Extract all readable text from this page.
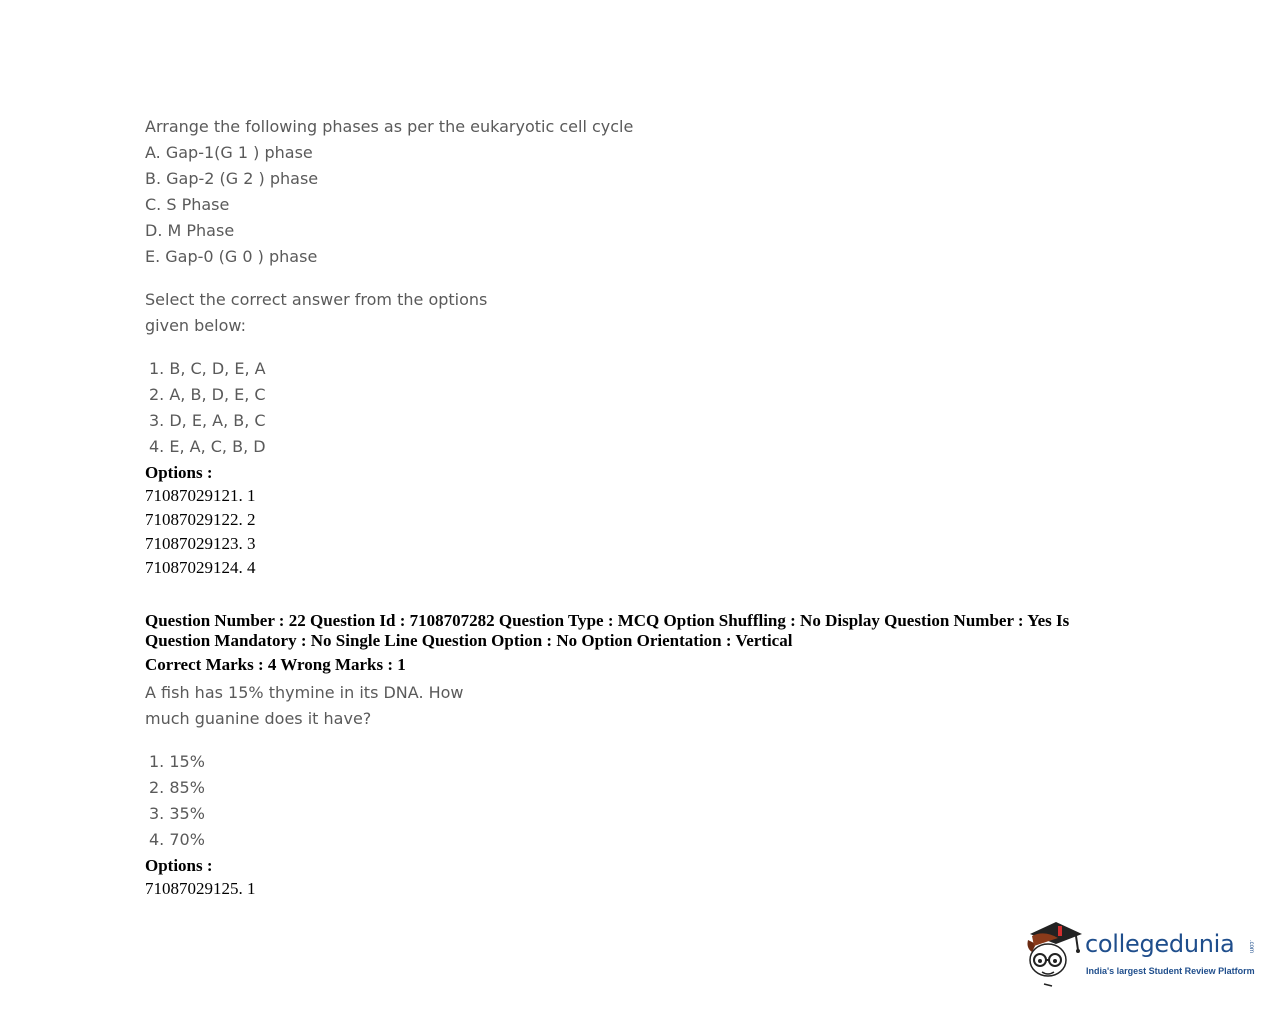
Arrange the following phases as per the eukaryotic cell cycle
A. Gap-1(G 1 ) phase
B. Gap-2 (G 2 ) phase
C. S Phase
D. M Phase
E. Gap-0 (G 0 ) phase
Select the correct answer from the options
given below:
1. B, C, D, E, A
2. A, B, D, E, C
3. D, E, A, B, C
4. E, A, C, B, D
Options :
71087029121. 1
71087029122. 2
71087029123. 3
71087029124. 4
Question Number : 22 Question Id : 7108707282 Question Type : MCQ Option Shuffling : No Display Question Number : Yes Is
Question Mandatory : No Single Line Question Option : No Option Orientation : Vertical
Correct Marks : 4 Wrong Marks : 1
A fish has 15% thymine in its DNA. How
much guanine does it have?
1. 15%
2. 85%
3. 35%
4. 70%
Options :
71087029125. 1
collegedunia .com
India's largest Student Review Platform
